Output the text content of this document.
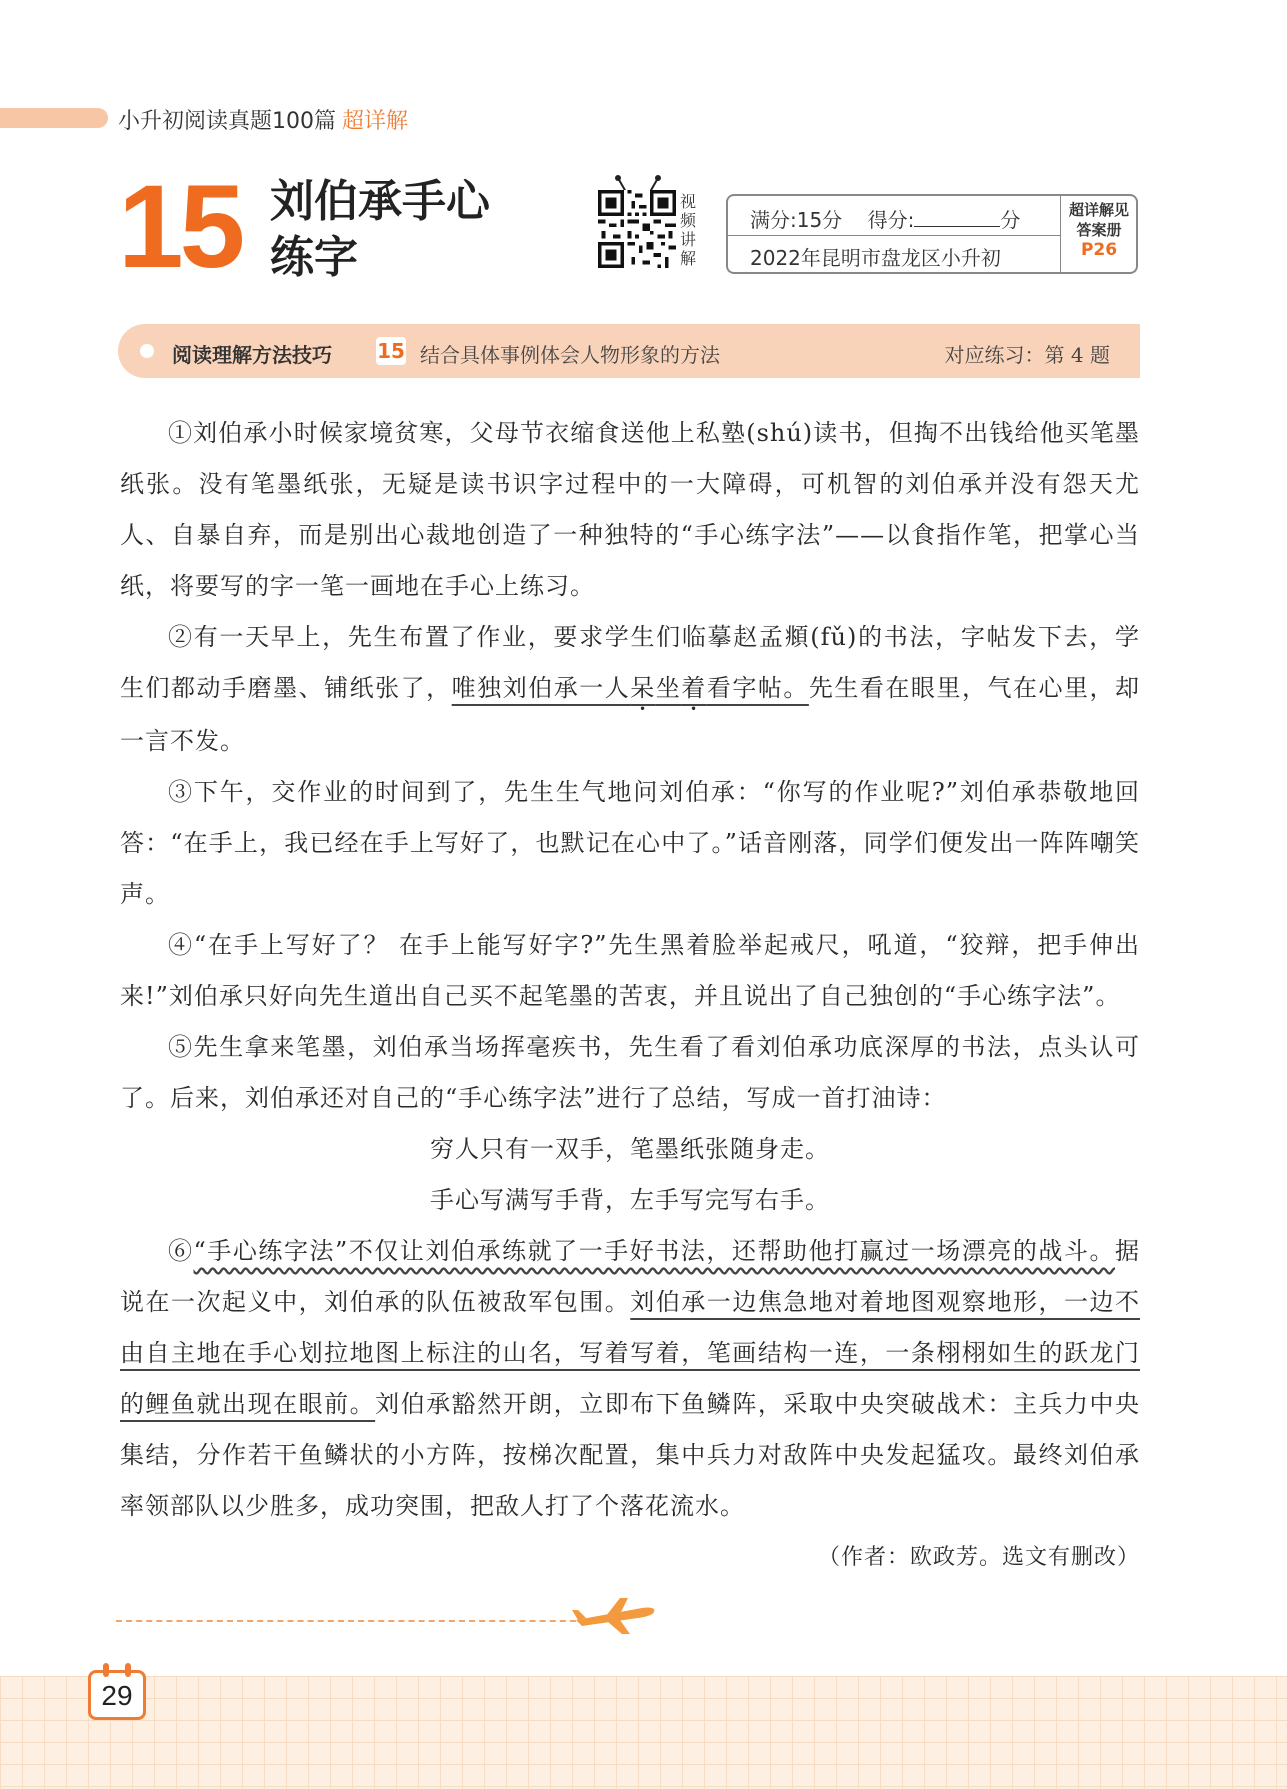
小升初阅读真题100篇 超详解
15 刘伯承手心
练字
视
频
讲
解
满分:15分 得分:	分
2022年昆明市盘龙区小升初
超详解见
答案册
P26
阅读理解方法技巧 15 结合具体事例体会人物形象的方法	对应练习：第 4 题

①刘伯承小时候家境贫寒，父母节衣缩食送他上私塾(shú)读书，但掏不出钱给他买笔墨纸张。没有笔墨纸张，无疑是读书识字过程中的一大障碍，可机智的刘伯承并没有怨天尤人、自暴自弃，而是别出心裁地创造了一种独特的“手心练字法”——以食指作笔，把掌心当纸，将要写的字一笔一画地在手心上练习。

②有一天早上，先生布置了作业，要求学生们临摹赵孟頫(fǔ)的书法，字帖发下去，学生们都动手磨墨、铺纸张了，唯独刘伯承一人呆坐着看字帖。先生看在眼里，气在心里，却一言不发。

③下午，交作业的时间到了，先生生气地问刘伯承：“你写的作业呢?”刘伯承恭敬地回答：“在手上，我已经在手上写好了，也默记在心中了。”话音刚落，同学们便发出一阵阵嘲笑声。

④“在手上写好了？ 在手上能写好字?”先生黑着脸举起戒尺，吼道，“狡辩，把手伸出来!”刘伯承只好向先生道出自己买不起笔墨的苦衷，并且说出了自己独创的“手心练字法”。

⑤先生拿来笔墨，刘伯承当场挥毫疾书，先生看了看刘伯承功底深厚的书法，点头认可了。后来，刘伯承还对自己的“手心练字法”进行了总结，写成一首打油诗：

穷人只有一双手，笔墨纸张随身走。

手心写满写手背，左手写完写右手。

⑥“手心练字法”不仅让刘伯承练就了一手好书法，还帮助他打赢过一场漂亮的战斗。据说在一次起义中，刘伯承的队伍被敌军包围。刘伯承一边焦急地对着地图观察地形，一边不由自主地在手心划拉地图上标注的山名，写着写着，笔画结构一连，一条栩栩如生的跃龙门的鲤鱼就出现在眼前。刘伯承豁然开朗，立即布下鱼鳞阵，采取中央突破战术：主兵力中央集结，分作若干鱼鳞状的小方阵，按梯次配置，集中兵力对敌阵中央发起猛攻。最终刘伯承率领部队以少胜多，成功突围，把敌人打了个落花流水。

（作者：欧政芳。选文有删改）

29
